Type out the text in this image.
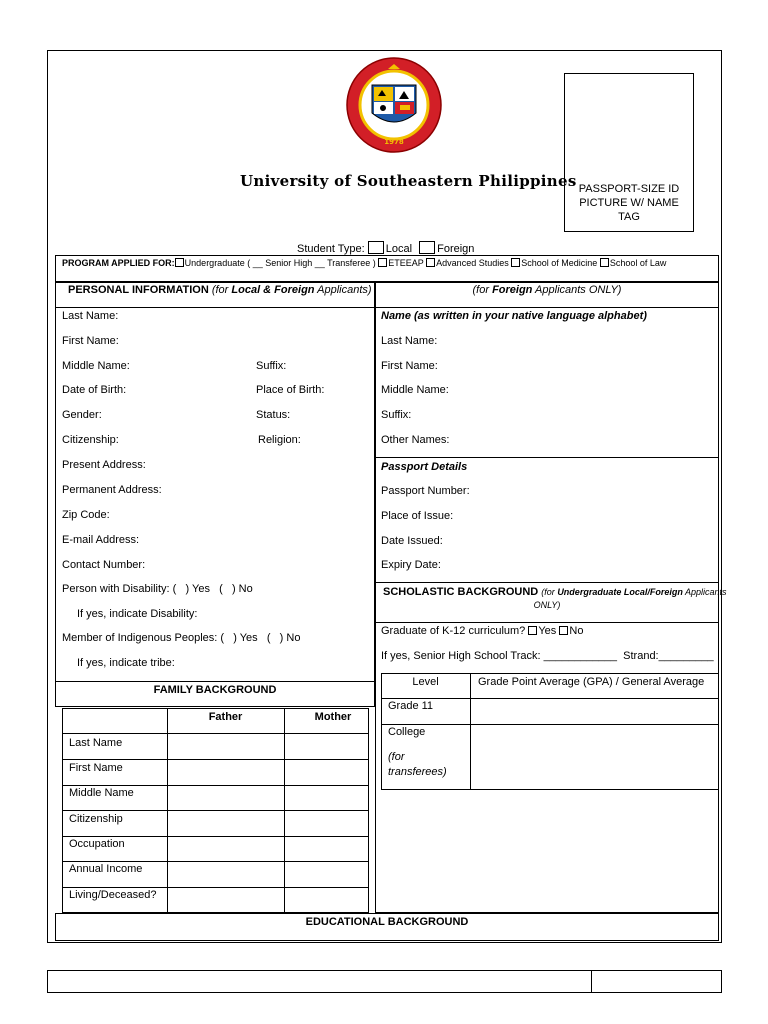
1978
University of Southeastern Philippines PASSPORT-SIZE ID
PICTURE W/ NAME
TAG
Student Type: Local Foreign
PROGRAM APPLIED FOR: Undergraduate ( __ Senior High __ Transferee ) ETEEAP Advanced Studies School of Medicine School of Law
PERSONAL INFORMATION (for Local & Foreign Applicants)
Last Name:
First Name:
Middle Name:	Suffix:
Date of Birth:	Place of Birth:
Gender:	Status:
Citizenship:	Religion:
Present Address:
Permanent Address:
Zip Code:
E-mail Address:
Contact Number:
Person with Disability: (   ) Yes   (   ) No
If yes, indicate Disability:
Member of Indigenous Peoples: (   ) Yes   (   ) No
If yes, indicate tribe:
FAMILY BACKGROUND
Father	Mother
Last Name
First Name
Middle Name
Citizenship
Occupation
Annual Income
Living/Deceased?
(for Foreign Applicants ONLY)
Name (as written in your native language alphabet)
Last Name:
First Name:
Middle Name:
Suffix:
Other Names:
Passport Details
Passport Number:
Place of Issue:
Date Issued:
Expiry Date:
SCHOLASTIC BACKGROUND (for Undergraduate Local/Foreign Applicants
ONLY)
Graduate of K-12 curriculum? Yes No
If yes, Senior High School Track: ____________  Strand:_________
Level	Grade Point Average (GPA) / General Average
Grade 11
College
(for
transferees)
EDUCATIONAL BACKGROUND
